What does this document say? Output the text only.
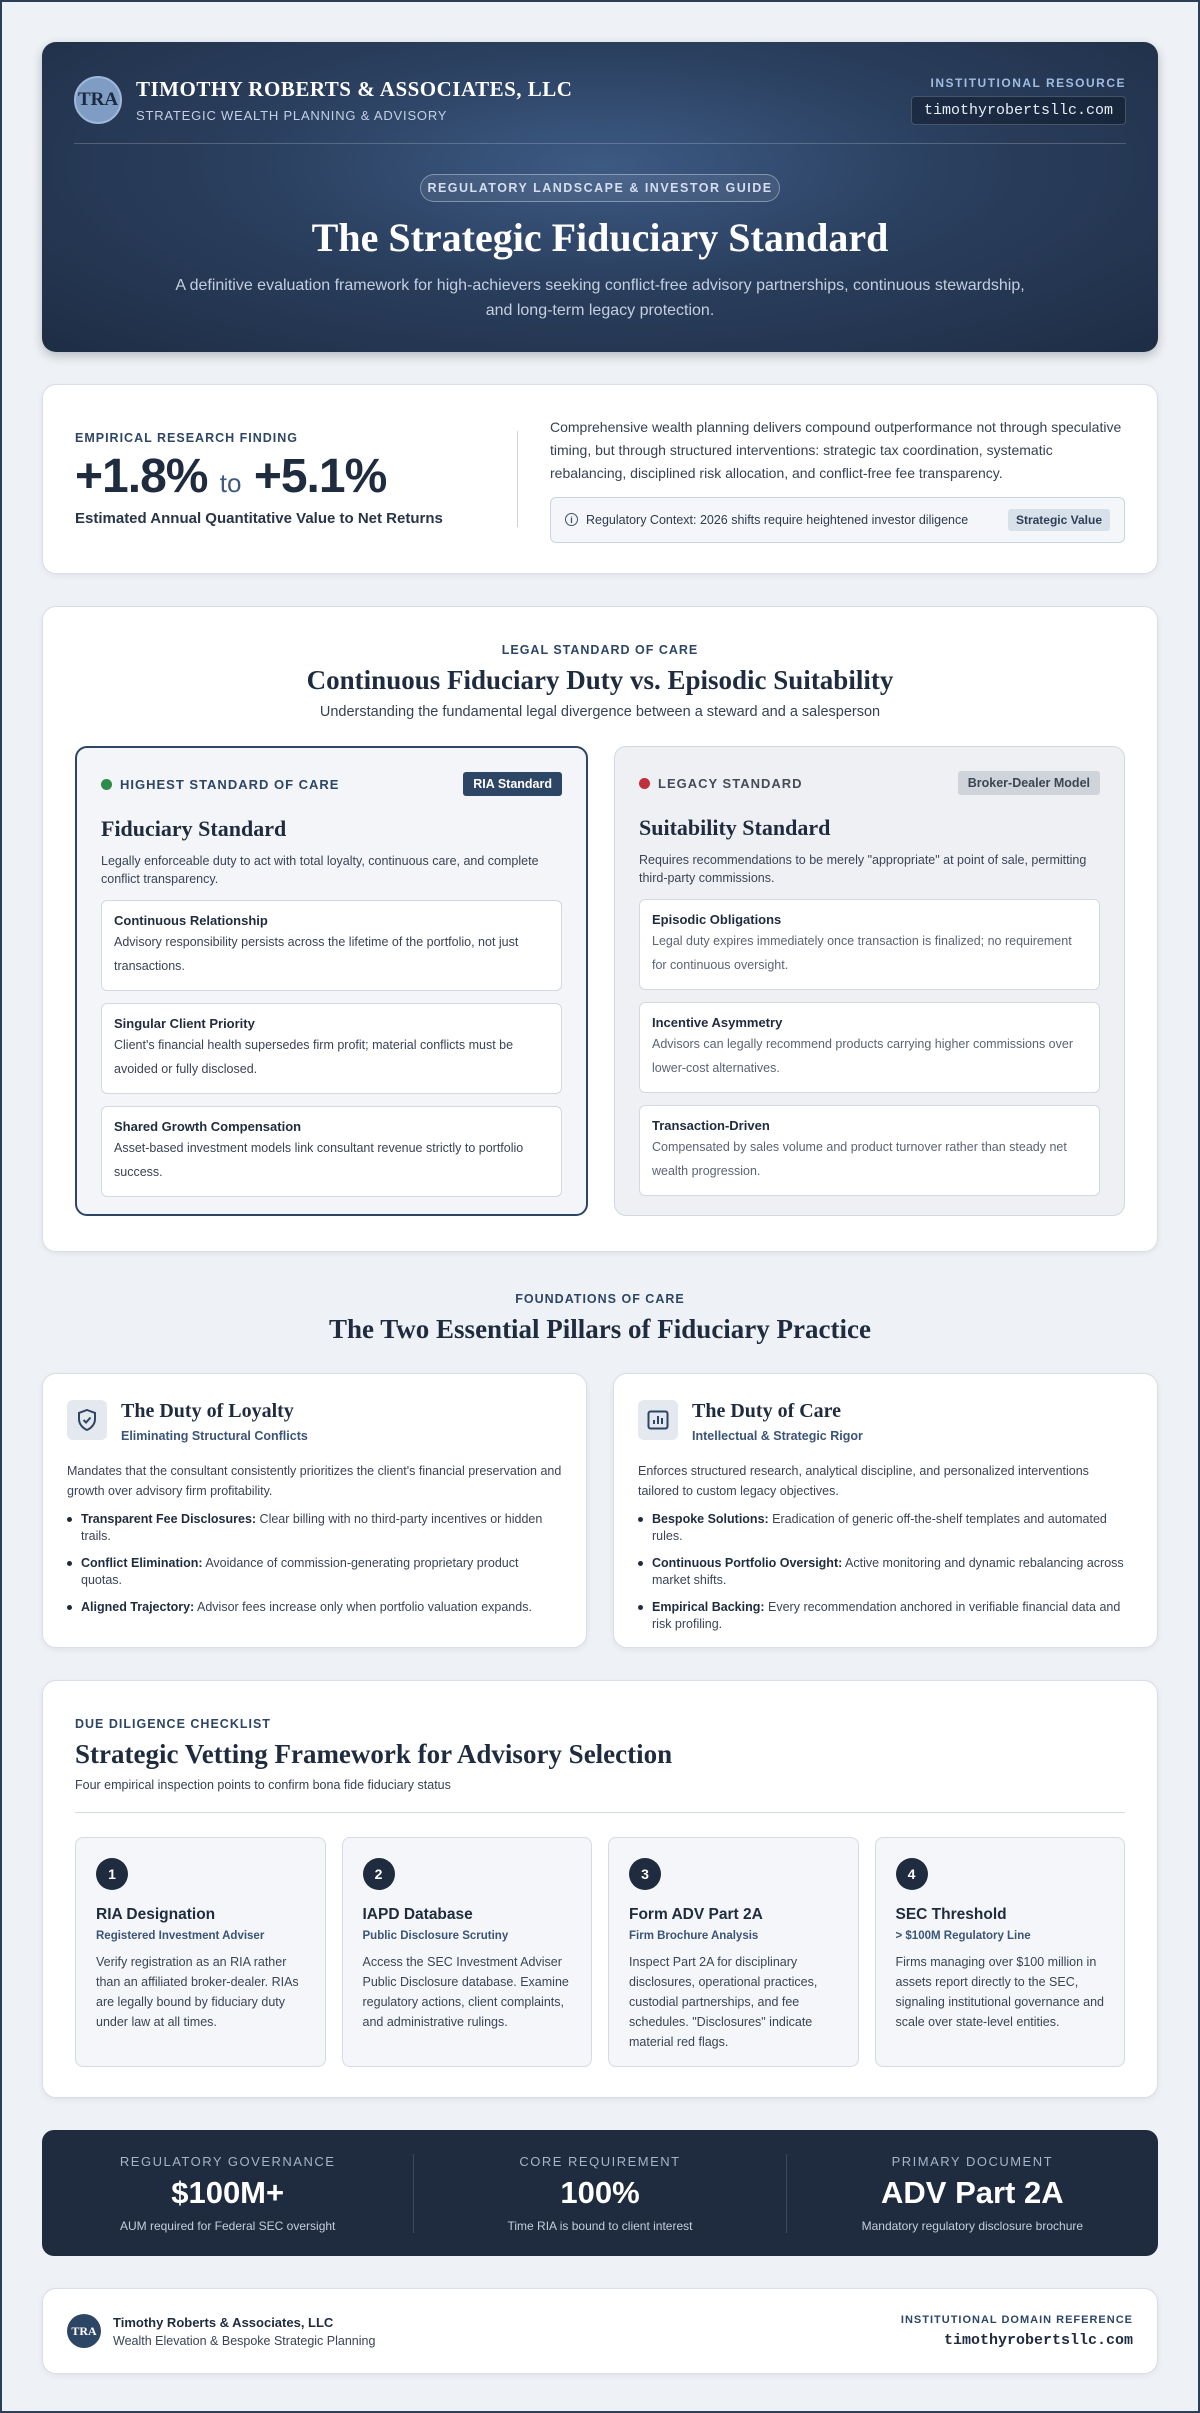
TRA TIMOTHY ROBERTS & ASSOCIATES, LLC
STRATEGIC WEALTH PLANNING & ADVISORY
INSTITUTIONAL RESOURCE
timothyrobertsllc.com
REGULATORY LANDSCAPE & INVESTOR GUIDE
The Strategic Fiduciary Standard

A definitive evaluation framework for high-achievers seeking conflict-free advisory partnerships, continuous stewardship, and long-term legacy protection.

EMPIRICAL RESEARCH FINDING
+1.8% to +5.1%
Estimated Annual Quantitative Value to Net Returns

Comprehensive wealth planning delivers compound outperformance not through speculative timing, but through structured interventions: strategic tax coordination, systematic rebalancing, disciplined risk allocation, and conflict-free fee transparency.

i	Regulatory Context: 2026 shifts require heightened investor diligence	Strategic Value
LEGAL STANDARD OF CARE
Continuous Fiduciary Duty vs. Episodic Suitability

Understanding the fundamental legal divergence between a steward and a salesperson

HIGHEST STANDARD OF CARE	RIA Standard
Fiduciary Standard

Legally enforceable duty to act with total loyalty, continuous care, and complete conflict transparency.

Continuous Relationship
Advisory responsibility persists across the lifetime of the portfolio, not just transactions.
Singular Client Priority
Client's financial health supersedes firm profit; material conflicts must be avoided or fully disclosed.
Shared Growth Compensation
Asset-based investment models link consultant revenue strictly to portfolio success.
LEGACY STANDARD	Broker-Dealer Model
Suitability Standard

Requires recommendations to be merely "appropriate" at point of sale, permitting third-party commissions.

Episodic Obligations
Legal duty expires immediately once transaction is finalized; no requirement for continuous oversight.
Incentive Asymmetry
Advisors can legally recommend products carrying higher commissions over lower-cost alternatives.
Transaction-Driven
Compensated by sales volume and product turnover rather than steady net wealth progression.
FOUNDATIONS OF CARE
The Two Essential Pillars of Fiduciary Practice
The Duty of Loyalty
Eliminating Structural Conflicts

Mandates that the consultant consistently prioritizes the client's financial preservation and growth over advisory firm profitability.

Transparent Fee Disclosures: Clear billing with no third-party incentives or hidden trails.
Conflict Elimination: Avoidance of commission-generating proprietary product quotas.
Aligned Trajectory: Advisor fees increase only when portfolio valuation expands.
The Duty of Care
Intellectual & Strategic Rigor

Enforces structured research, analytical discipline, and personalized interventions tailored to custom legacy objectives.

Bespoke Solutions: Eradication of generic off-the-shelf templates and automated rules.
Continuous Portfolio Oversight: Active monitoring and dynamic rebalancing across market shifts.
Empirical Backing: Every recommendation anchored in verifiable financial data and risk profiling.
DUE DILIGENCE CHECKLIST
Strategic Vetting Framework for Advisory Selection

Four empirical inspection points to confirm bona fide fiduciary status

1
RIA Designation
Registered Investment Adviser

Verify registration as an RIA rather than an affiliated broker-dealer. RIAs are legally bound by fiduciary duty under law at all times.

2
IAPD Database
Public Disclosure Scrutiny

Access the SEC Investment Adviser Public Disclosure database. Examine regulatory actions, client complaints, and administrative rulings.

3
Form ADV Part 2A
Firm Brochure Analysis

Inspect Part 2A for disciplinary disclosures, operational practices, custodial partnerships, and fee schedules. "Disclosures" indicate material red flags.

4
SEC Threshold
> $100M Regulatory Line

Firms managing over $100 million in assets report directly to the SEC, signaling institutional governance and scale over state-level entities.

REGULATORY GOVERNANCE
$100M+
AUM required for Federal SEC oversight
CORE REQUIREMENT
100%
Time RIA is bound to client interest
PRIMARY DOCUMENT
ADV Part 2A
Mandatory regulatory disclosure brochure
TRA
Timothy Roberts & Associates, LLC
Wealth Elevation & Bespoke Strategic Planning
INSTITUTIONAL DOMAIN REFERENCE
timothyrobertsllc.com
